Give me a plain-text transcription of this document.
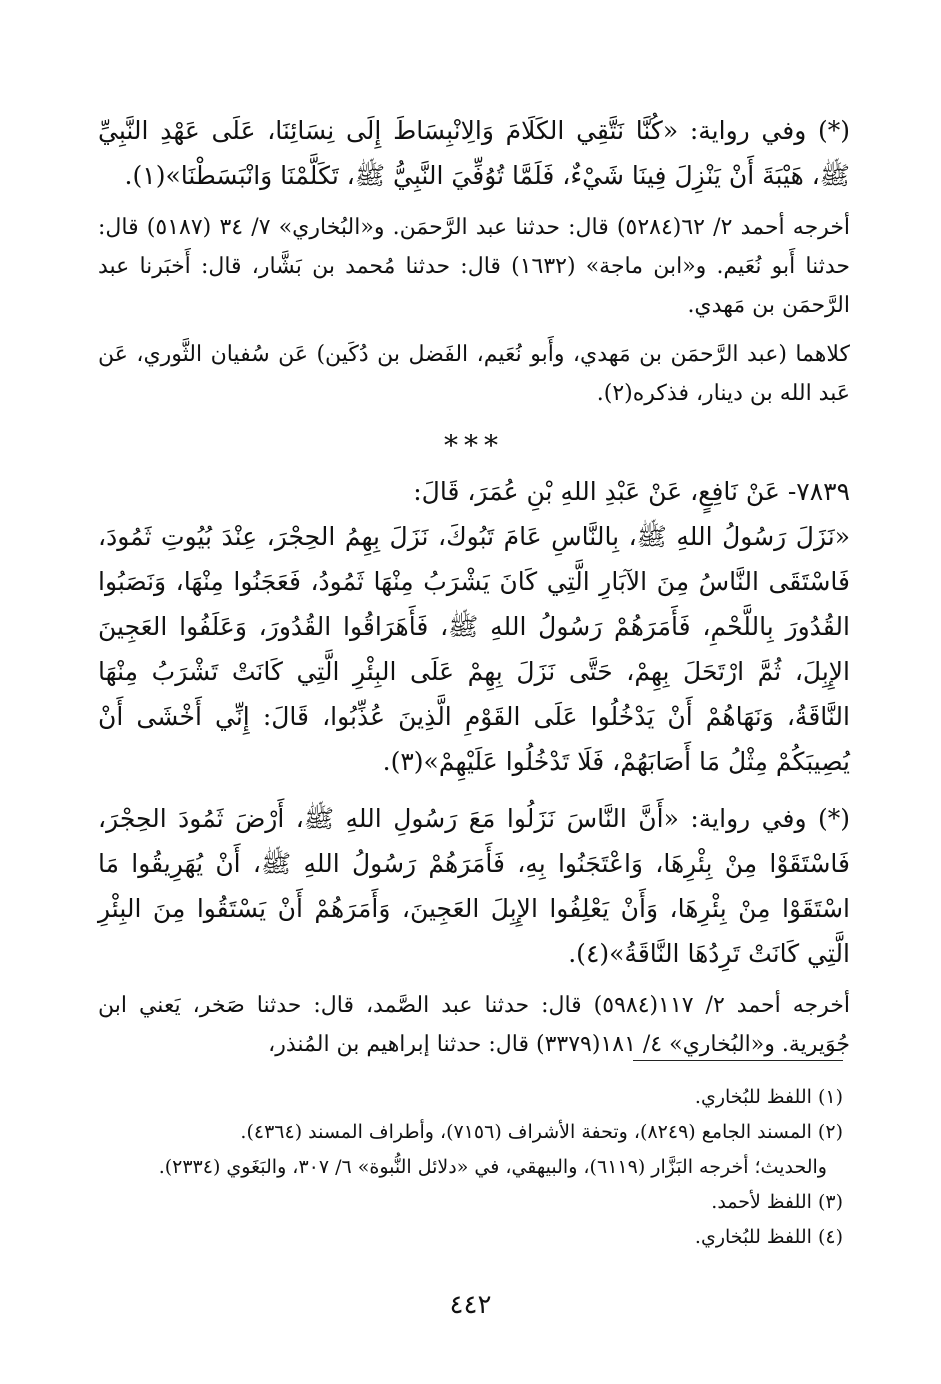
(*) وفي رواية: «كُنَّا نَتَّقِي الكَلَامَ وَالِانْبِسَاطَ إِلَى نِسَائِنَا، عَلَى عَهْدِ النَّبِيِّ ﷺ، هَيْبَةَ أَنْ يَنْزِلَ فِينَا شَيْءٌ، فَلَمَّا تُوُفِّيَ النَّبِيُّ ﷺ، تَكَلَّمْنَا وَانْبَسَطْنَا»(١).
أخرجه أحمد ٢/ ٦٢(٥٢٨٤) قال: حدثنا عبد الرَّحمَن. و«البُخاري» ٧/ ٣٤ (٥١٨٧) قال: حدثنا أَبو نُعَيم. و«ابن ماجة» (١٦٣٢) قال: حدثنا مُحمد بن بَشَّار، قال: أَخبَرنا عبد الرَّحمَن بن مَهدي.
كلاهما (عبد الرَّحمَن بن مَهدي، وأَبو نُعَيم، الفَضل بن دُكَين) عَن سُفيان الثَّوري، عَن عَبد الله بن دينار، فذكره(٢).
***
٧٨٣٩- عَنْ نَافِعٍ، عَنْ عَبْدِ اللهِ بْنِ عُمَرَ، قَالَ:
«نَزَلَ رَسُولُ اللهِ ﷺ، بِالنَّاسِ عَامَ تَبُوكَ، نَزَلَ بِهِمُ الحِجْرَ، عِنْدَ بُيُوتِ ثَمُودَ، فَاسْتَقَى النَّاسُ مِنَ الآبَارِ الَّتِي كَانَ يَشْرَبُ مِنْهَا ثَمُودُ، فَعَجَنُوا مِنْهَا، وَنَصَبُوا القُدُورَ بِاللَّحْمِ، فَأَمَرَهُمْ رَسُولُ اللهِ ﷺ، فَأَهَرَاقُوا القُدُورَ، وَعَلَفُوا العَجِينَ الإِبِلَ، ثُمَّ ارْتَحَلَ بِهِمْ، حَتَّى نَزَلَ بِهِمْ عَلَى البِئْرِ الَّتِي كَانَتْ تَشْرَبُ مِنْهَا النَّاقَةُ، وَنَهَاهُمْ أَنْ يَدْخُلُوا عَلَى القَوْمِ الَّذِينَ عُذِّبُوا، قَالَ: إِنِّي أَخْشَى أَنْ يُصِيبَكُمْ مِثْلُ مَا أَصَابَهُمْ، فَلَا تَدْخُلُوا عَلَيْهِمْ»(٣).
(*) وفي رواية: «أَنَّ النَّاسَ نَزَلُوا مَعَ رَسُولِ اللهِ ﷺ، أَرْضَ ثَمُودَ الحِجْرَ، فَاسْتَقَوْا مِنْ بِئْرِهَا، وَاعْتَجَنُوا بِهِ، فَأَمَرَهُمْ رَسُولُ اللهِ ﷺ، أَنْ يُهَرِيقُوا مَا اسْتَقَوْا مِنْ بِئْرِهَا، وَأَنْ يَعْلِفُوا الإِبِلَ العَجِينَ، وَأَمَرَهُمْ أَنْ يَسْتَقُوا مِنَ البِئْرِ الَّتِي كَانَتْ تَرِدُهَا النَّاقَةُ»(٤).
أخرجه أحمد ٢/ ١١٧(٥٩٨٤) قال: حدثنا عبد الصَّمد، قال: حدثنا صَخر، يَعني ابن جُوَيرية. و«البُخاري» ٤/ ١٨١(٣٣٧٩) قال: حدثنا إبراهيم بن المُنذر،
(١) اللفظ للبُخاري.
(٢) المسند الجامع (٨٢٤٩)، وتحفة الأشراف (٧١٥٦)، وأطراف المسند (٤٣٦٤).
والحديث؛ أخرجه البَزَّار (٦١١٩)، والبيهقي، في «دلائل النُّبوة» ٦/ ٣٠٧، والبَغَوي (٢٣٣٤).
(٣) اللفظ لأحمد.
(٤) اللفظ للبُخاري.
٤٤٢
